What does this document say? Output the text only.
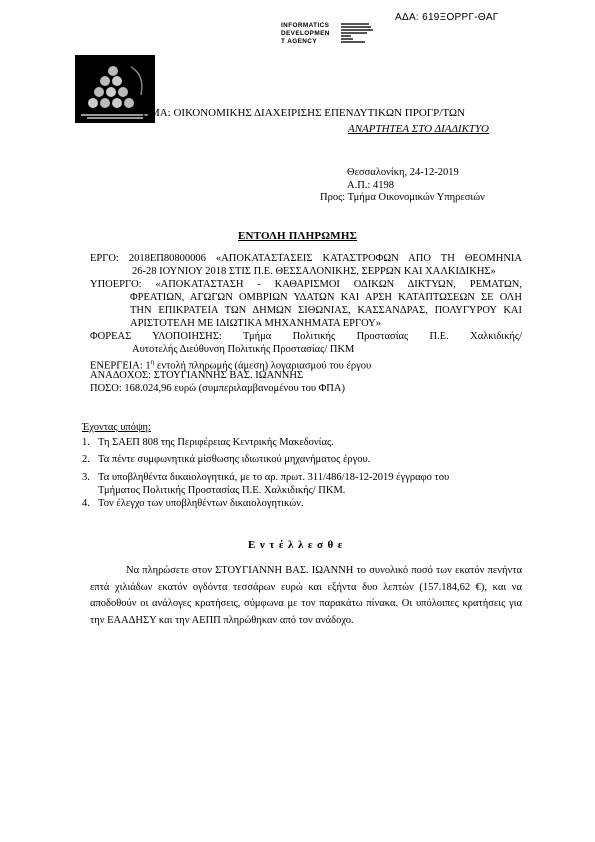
ΑΔΑ: 619ΞΟΡΡΓ-ΘΑΓ
INFORMATICS
DEVELOPMEN
T AGENCY
ΗΜΑ: ΟΙΚΟΝΟΜΙΚΗΣ ΔΙΑΧΕΙΡΙΣΗΣ ΕΠΕΝΔΥΤΙΚΩΝ ΠΡΟΓΡ/ΤΩΝ
ΑΝΑΡΤΗΤΕΑ ΣΤΟ ΔΙΑΔΙΚΤΥΟ
Θεσσαλονίκη, 24-12-2019
Α.Π.: 4198
Προς: Τμήμα Οικονομικών Υπηρεσιών
ΕΝΤΟΛΗ ΠΛΗΡΩΜΗΣ
ΕΡΓΟ: 2018ΕΠ80800006 «ΑΠΟΚΑΤΑΣΤΑΣΕΙΣ ΚΑΤΑΣΤΡΟΦΩΝ ΑΠΟ ΤΗ ΘΕΟΜΗΝΙΑ
26-28 ΙΟΥΝΙΟΥ 2018 ΣΤΙΣ Π.Ε. ΘΕΣΣΑΛΟΝΙΚΗΣ, ΣΕΡΡΩΝ ΚΑΙ ΧΑΛΚΙΔΙΚΗΣ»
ΥΠΟΕΡΓΟ: «ΑΠΟΚΑΤΑΣΤΑΣΗ - ΚΑΘΑΡΙΣΜΟΙ ΟΔΙΚΩΝ ΔΙΚΤΥΩΝ, ΡΕΜΑΤΩΝ,
ΦΡΕΑΤΙΩΝ, ΑΓΩΓΩΝ ΟΜΒΡΙΩΝ ΥΔΑΤΩΝ ΚΑΙ ΑΡΣΗ ΚΑΤΑΠΤΩΣΕΩΝ ΣΕ ΟΛΗ
ΤΗΝ ΕΠΙΚΡΑΤΕΙΑ ΤΩΝ ΔΗΜΩΝ ΣΙΘΩΝΙΑΣ, ΚΑΣΣΑΝΔΡΑΣ, ΠΟΛΥΓΥΡΟΥ ΚΑΙ
ΑΡΙΣΤΟΤΕΛΗ ΜΕ ΙΔΙΩΤΙΚΑ ΜΗΧΑΝΗΜΑΤΑ ΕΡΓΟΥ»
ΦΟΡΕΑΣ ΥΛΟΠΟΙΗΣΗΣ: Τμήμα Πολιτικής Προστασίας Π.Ε. Χαλκιδικής/
Αυτοτελής Διεύθυνση Πολιτικής Προστασίας/ ΠΚΜ
ΕΝΕΡΓΕΙΑ: $1^\eta$ εντολή πληρωμής (άμεση) λογαριασμού του έργου
ΑΝΑΔΟΧΟΣ: ΣΤΟΥΓΙΑΝΝΗΣ ΒΑΣ. ΙΩΑΝΝΗΣ
ΠΟΣΟ: 168.024,96 ευρώ (συμπεριλαμβανομένου του ΦΠΑ)
Έχοντας υπόψη:
1. Τη ΣΑΕΠ 808 της Περιφέρειας Κεντρικής Μακεδονίας.
2. Τα πέντε συμφωνητικά μίσθωσης ιδιωτικού μηχανήματος έργου.
3. Τα υποβληθέντα δικαιολογητικά, με το αρ. πρωτ. 311/486/18-12-2019 έγγραφο του
Τμήματος Πολιτικής Προστασίας Π.Ε. Χαλκιδικής/ ΠΚΜ.
4. Τον έλεγχο των υποβληθέντων δικαιολογητικών.
Εντέλλεσθε
Να πληρώσετε στον ΣΤΟΥΓΙΑΝΝΗ ΒΑΣ. ΙΩΑΝΝΗ το συνολικό ποσό των εκατόν πενήντα επτά χιλιάδων εκατόν ογδόντα τεσσάρων ευρώ και εξήντα δυο λεπτών (157.184,62 €), και να αποδοθούν οι ανάλογες κρατήσεις, σύμφωνα με τον παρακάτω πίνακα. Οι υπόλοιπες κρατήσεις για την ΕΑΑΔΗΣΥ και την ΑΕΠΠ πληρώθηκαν από τον ανάδοχο.
